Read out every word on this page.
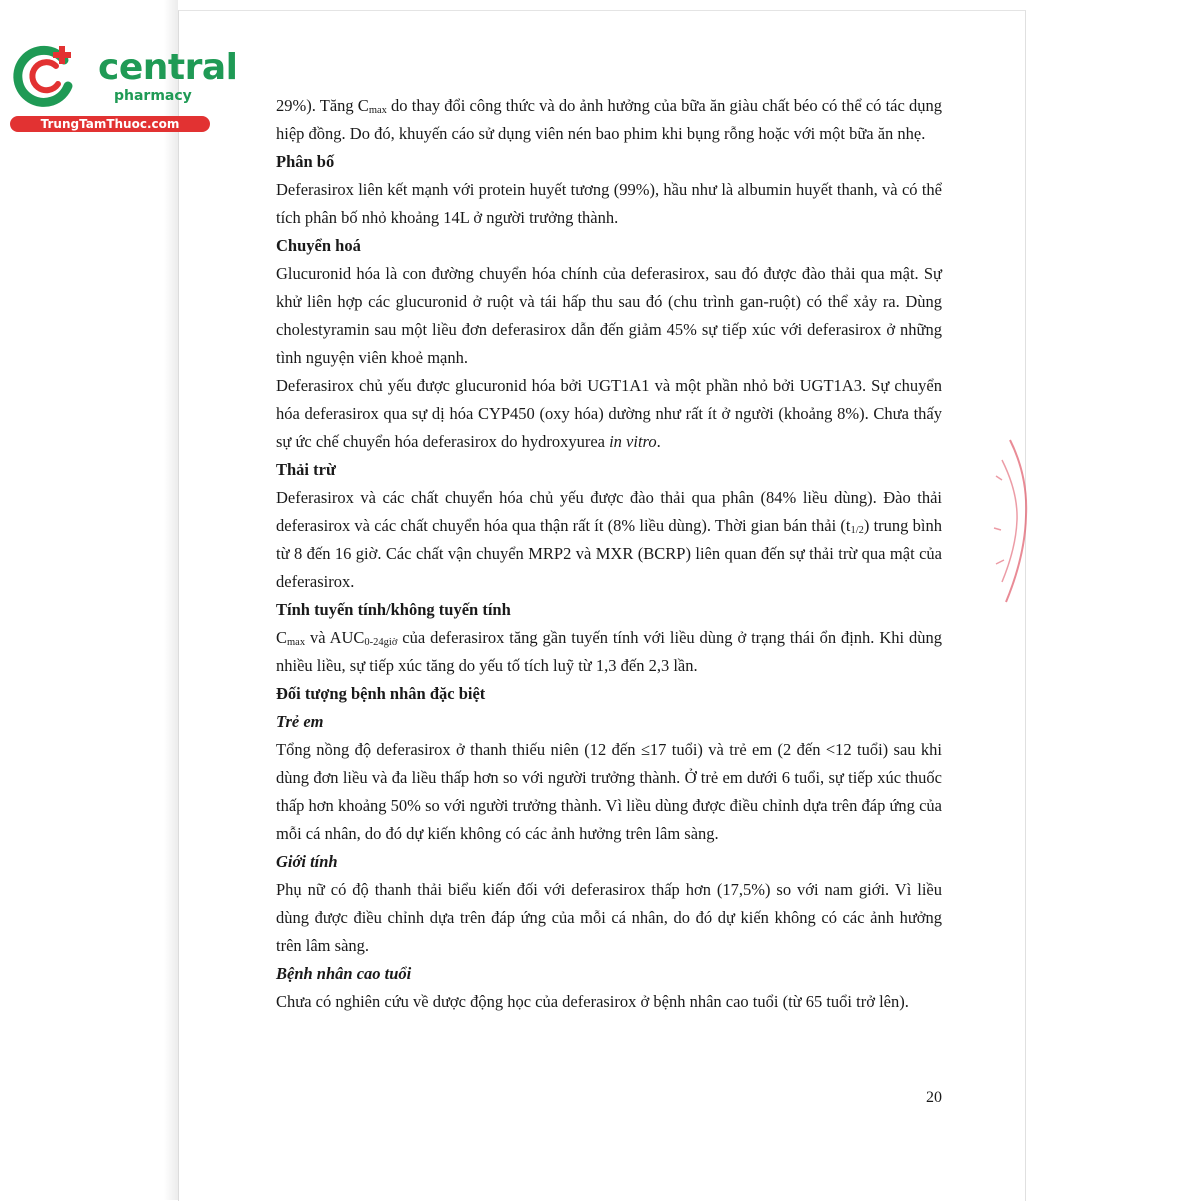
central
pharmacy
TrungTamThuoc.com

29%). Tăng $C_{max}$ do thay đổi công thức và do ảnh hưởng của bữa ăn giàu chất béo có thể có tác dụng hiệp đồng. Do đó, khuyến cáo sử dụng viên nén bao phim khi bụng rỗng hoặc với một bữa ăn nhẹ.

Phân bố

Deferasirox liên kết mạnh với protein huyết tương (99%), hầu như là albumin huyết thanh, và có thể tích phân bố nhỏ khoảng 14L ở người trưởng thành.

Chuyển hoá

Glucuronid hóa là con đường chuyển hóa chính của deferasirox, sau đó được đào thải qua mật. Sự khử liên hợp các glucuronid ở ruột và tái hấp thu sau đó (chu trình gan-ruột) có thể xảy ra. Dùng cholestyramin sau một liều đơn deferasirox dẫn đến giảm 45% sự tiếp xúc với deferasirox ở những tình nguyện viên khoẻ mạnh.

Deferasirox chủ yếu được glucuronid hóa bởi UGT1A1 và một phần nhỏ bởi UGT1A3. Sự chuyển hóa deferasirox qua sự dị hóa CYP450 (oxy hóa) dường như rất ít ở người (khoảng 8%). Chưa thấy sự ức chế chuyển hóa deferasirox do hydroxyurea in vitro.

Thải trừ

Deferasirox và các chất chuyển hóa chủ yếu được đào thải qua phân (84% liều dùng). Đào thải deferasirox và các chất chuyển hóa qua thận rất ít (8% liều dùng). Thời gian bán thải $(t_{1/2})$ trung bình từ 8 đến 16 giờ. Các chất vận chuyển MRP2 và MXR (BCRP) liên quan đến sự thải trừ qua mật của deferasirox.

Tính tuyến tính/không tuyến tính

$C_{max}$ và $AUC_{0-24giờ}$ của deferasirox tăng gần tuyến tính với liều dùng ở trạng thái ổn định. Khi dùng nhiều liều, sự tiếp xúc tăng do yếu tố tích luỹ từ 1,3 đến 2,3 lần.

Đối tượng bệnh nhân đặc biệt
Trẻ em

Tổng nồng độ deferasirox ở thanh thiếu niên (12 đến ≤17 tuổi) và trẻ em (2 đến <12 tuổi) sau khi dùng đơn liều và đa liều thấp hơn so với người trưởng thành. Ở trẻ em dưới 6 tuổi, sự tiếp xúc thuốc thấp hơn khoảng 50% so với người trưởng thành. Vì liều dùng được điều chỉnh dựa trên đáp ứng của mỗi cá nhân, do đó dự kiến không có các ảnh hưởng trên lâm sàng.

Giới tính

Phụ nữ có độ thanh thải biểu kiến đối với deferasirox thấp hơn (17,5%) so với nam giới. Vì liều dùng được điều chỉnh dựa trên đáp ứng của mỗi cá nhân, do đó dự kiến không có các ảnh hưởng trên lâm sàng.

Bệnh nhân cao tuổi

Chưa có nghiên cứu về dược động học của deferasirox ở bệnh nhân cao tuổi (từ 65 tuổi trở lên).

20
